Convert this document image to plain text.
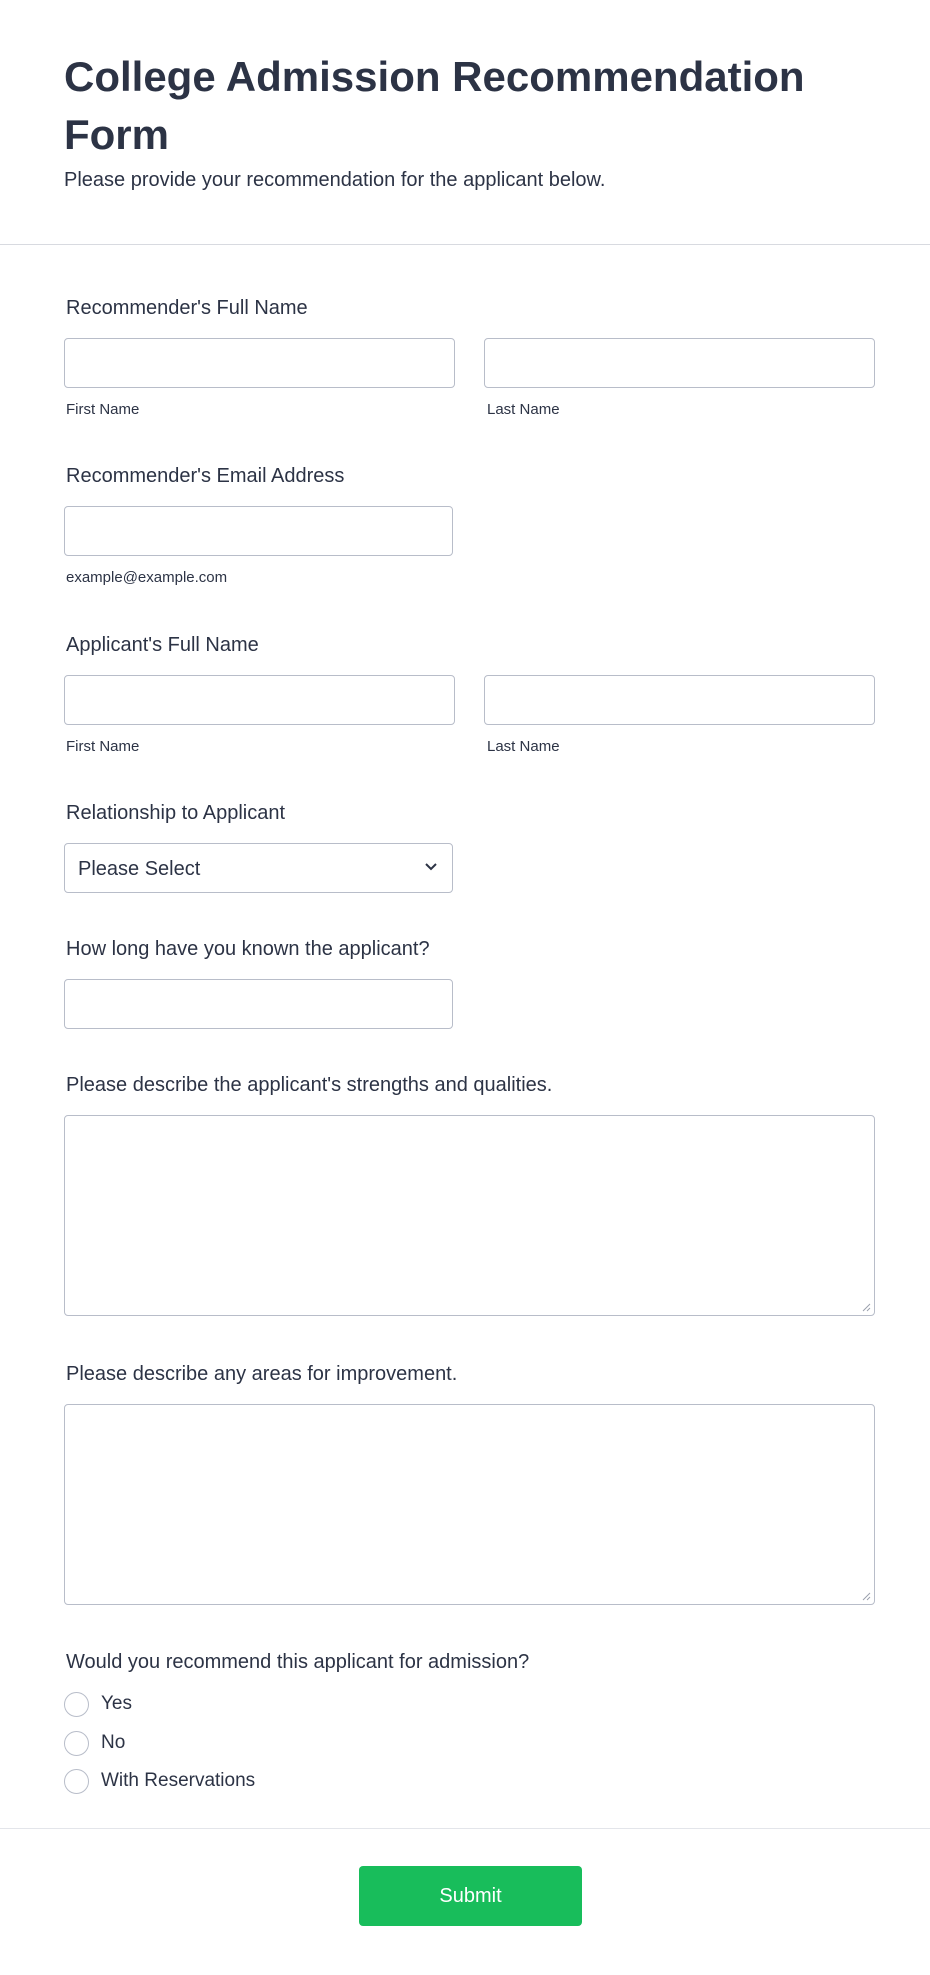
College Admission Recommendation Form

Please provide your recommendation for the applicant below.

Recommender's Full Name
First Name	Last Name
Recommender's Email Address
example@example.com
Applicant's Full Name
First Name	Last Name
Relationship to Applicant
Please Select
How long have you known the applicant?
Please describe the applicant's strengths and qualities.
Please describe any areas for improvement.
Would you recommend this applicant for admission?
Yes
No
With Reservations
Submit
